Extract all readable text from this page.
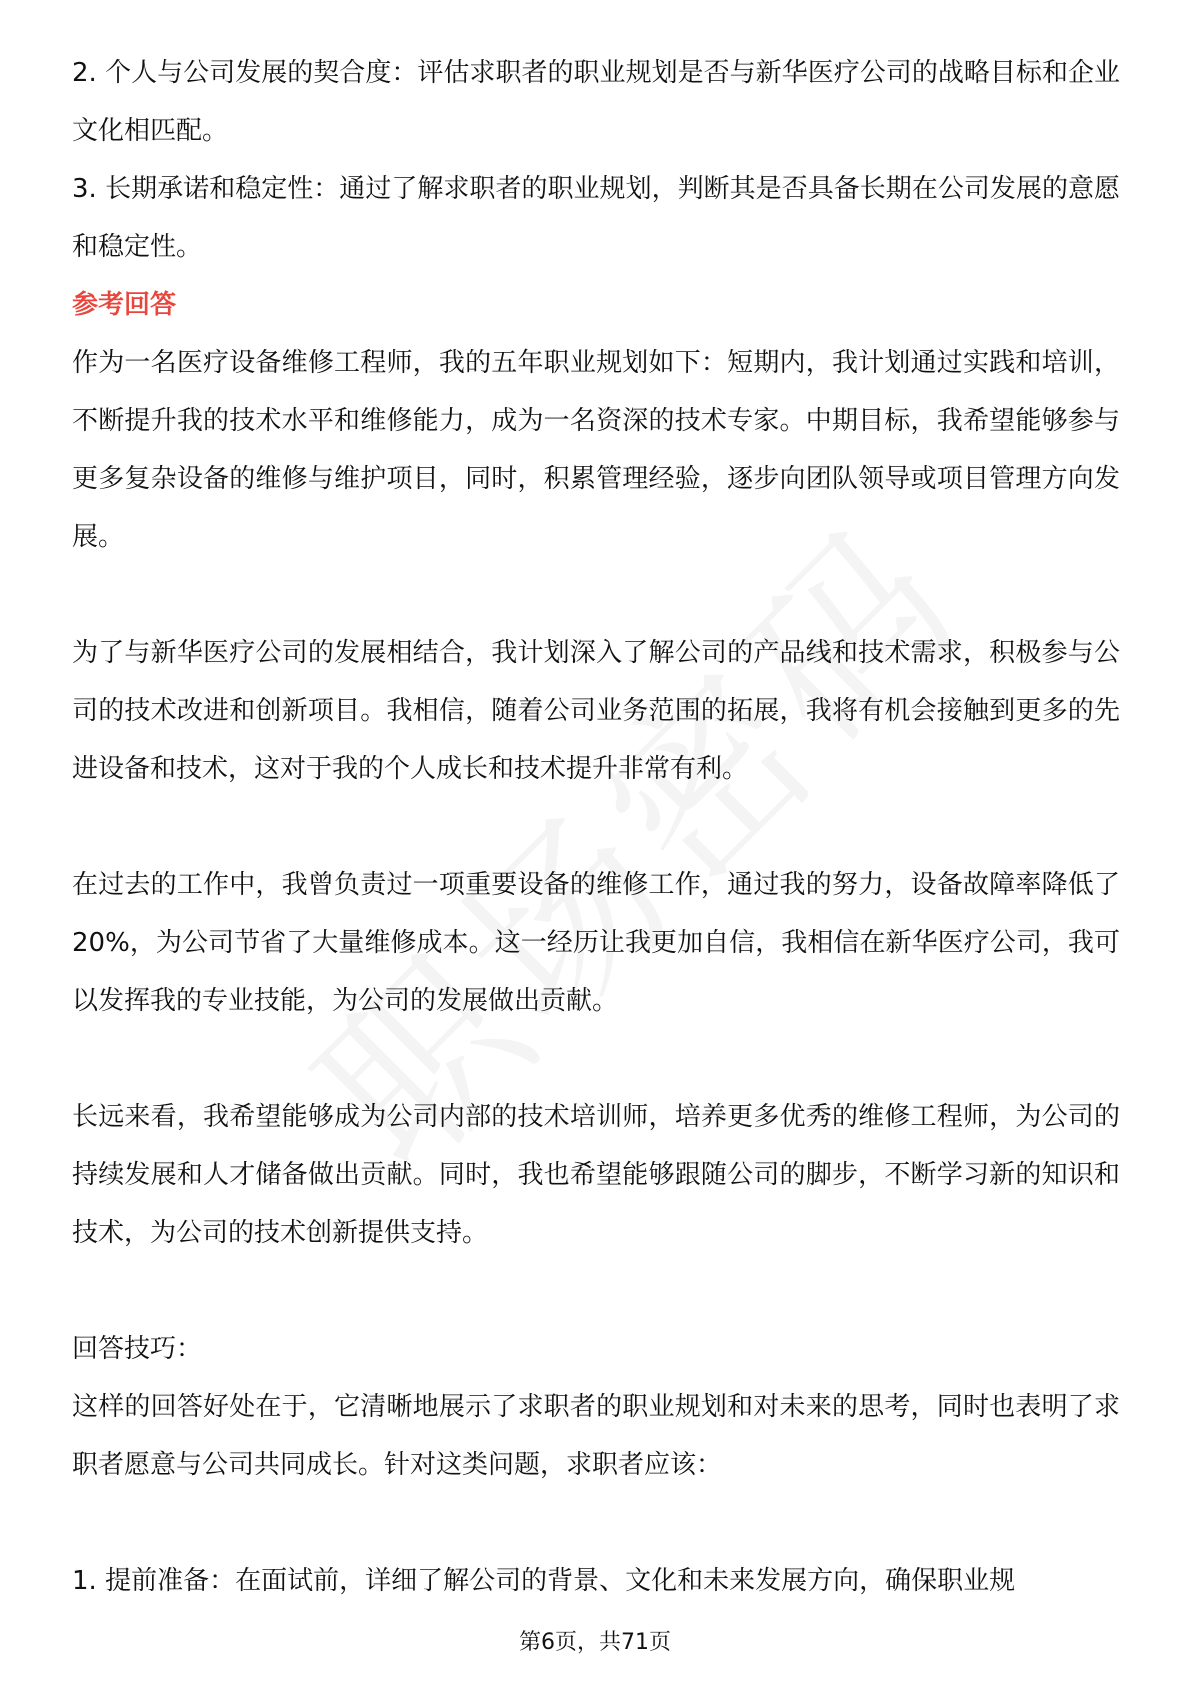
2. 个人与公司发展的契合度：评估求职者的职业规划是否与新华医疗公司的战略目标和企业文化相匹配。

3. 长期承诺和稳定性：通过了解求职者的职业规划，判断其是否具备长期在公司发展的意愿和稳定性。

参考回答

作为一名医疗设备维修工程师，我的五年职业规划如下：短期内，我计划通过实践和培训，不断提升我的技术水平和维修能力，成为一名资深的技术专家。中期目标，我希望能够参与更多复杂设备的维修与维护项目，同时，积累管理经验，逐步向团队领导或项目管理方向发展。

为了与新华医疗公司的发展相结合，我计划深入了解公司的产品线和技术需求，积极参与公司的技术改进和创新项目。我相信，随着公司业务范围的拓展，我将有机会接触到更多的先进设备和技术，这对于我的个人成长和技术提升非常有利。

在过去的工作中，我曾负责过一项重要设备的维修工作，通过我的努力，设备故障率降低了20%，为公司节省了大量维修成本。这一经历让我更加自信，我相信在新华医疗公司，我可以发挥我的专业技能，为公司的发展做出贡献。

长远来看，我希望能够成为公司内部的技术培训师，培养更多优秀的维修工程师，为公司的持续发展和人才储备做出贡献。同时，我也希望能够跟随公司的脚步，不断学习新的知识和技术，为公司的技术创新提供支持。

回答技巧：

这样的回答好处在于，它清晰地展示了求职者的职业规划和对未来的思考，同时也表明了求职者愿意与公司共同成长。针对这类问题，求职者应该：

1. 提前准备：在面试前，详细了解公司的背景、文化和未来发展方向，确保职业规

第6页，共71页
